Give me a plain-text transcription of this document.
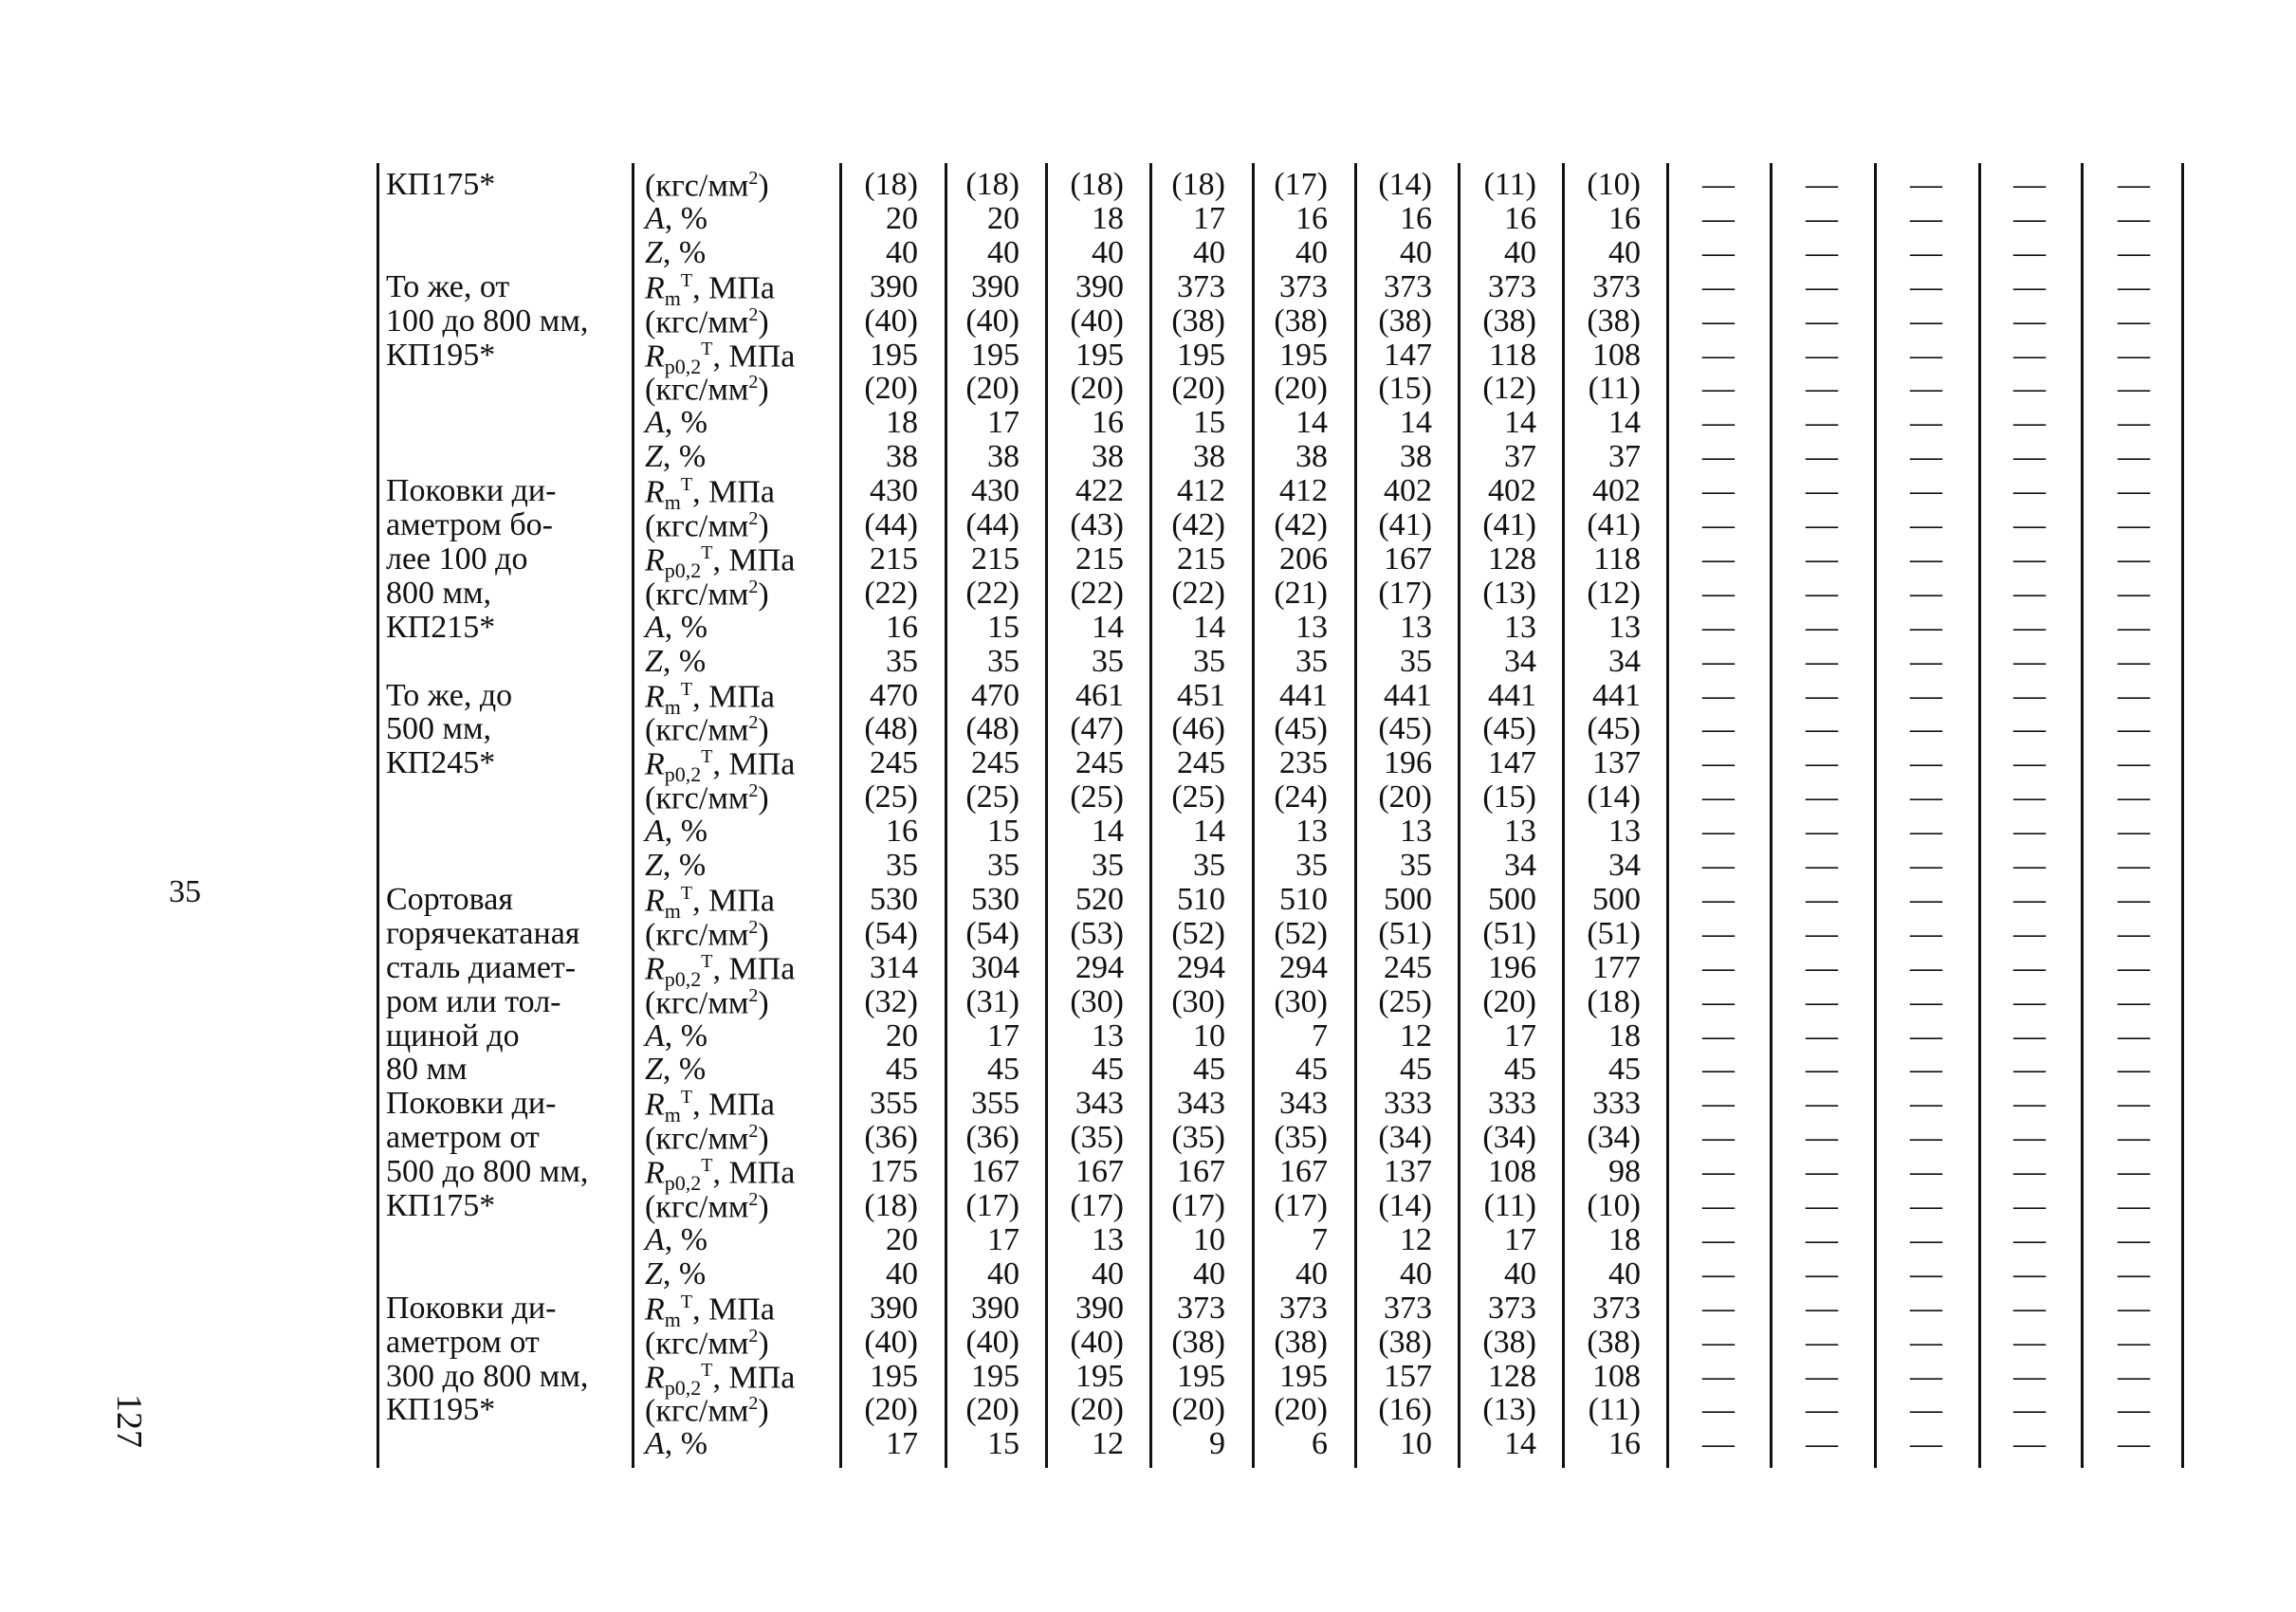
35
127
КП175*	$(кгс/мм^2)$	(18) (18) (18) (18) (17) (14) (11) (10) — — — — —
A, %	20 20 18 17 16 16 16 16 — — — — —
Z, %	40 40 40 40 40 40 40 40 — — — — —
То же, от	$R_m^T$, МПа	390 390 390 373 373 373 373 373 — — — — —
100 до 800 мм, $(кгс/мм^2)$	(40) (40) (40) (38) (38) (38) (38) (38) — — — — —
КП195*	$R_{p0,2}^T$, МПа 195 195 195 195 195 147 118 108 — — — — —
$(кгс/мм^2)$	(20) (20) (20) (20) (20) (15) (12) (11) — — — — —
A, %	18 17 16 15 14 14 14 14 — — — — —
Z, %	38 38 38 38 38 38 37 37 — — — — —
Поковки ди-	$R_m^T$, МПа	430 430 422 412 412 402 402 402 — — — — —
аметром бо-	$(кгс/мм^2)$	(44) (44) (43) (42) (42) (41) (41) (41) — — — — —
лее 100 до	$R_{p0,2}^T$, МПа 215 215 215 215 206 167 128 118 — — — — —
800 мм,	$(кгс/мм^2)$	(22) (22) (22) (22) (21) (17) (13) (12) — — — — —
КП215*	A, %	16 15 14 14 13 13 13 13 — — — — —
Z, %	35 35 35 35 35 35 34 34 — — — — —
То же, до	$R_m^T$, МПа	470 470 461 451 441 441 441 441 — — — — —
500 мм,	$(кгс/мм^2)$	(48) (48) (47) (46) (45) (45) (45) (45) — — — — —
КП245*	$R_{p0,2}^T$, МПа 245 245 245 245 235 196 147 137 — — — — —
$(кгс/мм^2)$	(25) (25) (25) (25) (24) (20) (15) (14) — — — — —
A, %	16 15 14 14 13 13 13 13 — — — — —
Z, %	35 35 35 35 35 35 34 34 — — — — —
Сортовая	$R_m^T$, МПа	530 530 520 510 510 500 500 500 — — — — —
горячекатаная $(кгс/мм^2)$	(54) (54) (53) (52) (52) (51) (51) (51) — — — — —
сталь диамет- $R_{p0,2}^T$, МПа 314 304 294 294 294 245 196 177 — — — — —
ром или тол-	$(кгс/мм^2)$	(32) (31) (30) (30) (30) (25) (20) (18) — — — — —
щиной до	A, %	20 17 13 10	7 12 17 18 — — — — —
80 мм	Z, %	45 45 45 45 45 45 45 45 — — — — —
Поковки ди-	$R_m^T$, МПа	355 355 343 343 343 333 333 333 — — — — —
аметром от	$(кгс/мм^2)$	(36) (36) (35) (35) (35) (34) (34) (34) — — — — —
500 до 800 мм, $R_{p0,2}^T$, МПа 175 167 167 167 167 137 108 98 — — — — —
КП175*	$(кгс/мм^2)$	(18) (17) (17) (17) (17) (14) (11) (10) — — — — —
A, %	20 17 13 10	7 12 17 18 — — — — —
Z, %	40 40 40 40 40 40 40 40 — — — — —
Поковки ди-	$R_m^T$, МПа	390 390 390 373 373 373 373 373 — — — — —
аметром от	$(кгс/мм^2)$	(40) (40) (40) (38) (38) (38) (38) (38) — — — — —
300 до 800 мм, $R_{p0,2}^T$, МПа 195 195 195 195 195 157 128 108 — — — — —
КП195*	$(кгс/мм^2)$	(20) (20) (20) (20) (20) (16) (13) (11) — — — — —
A, %	17 15 12	9	6 10 14 16 — — — — —
